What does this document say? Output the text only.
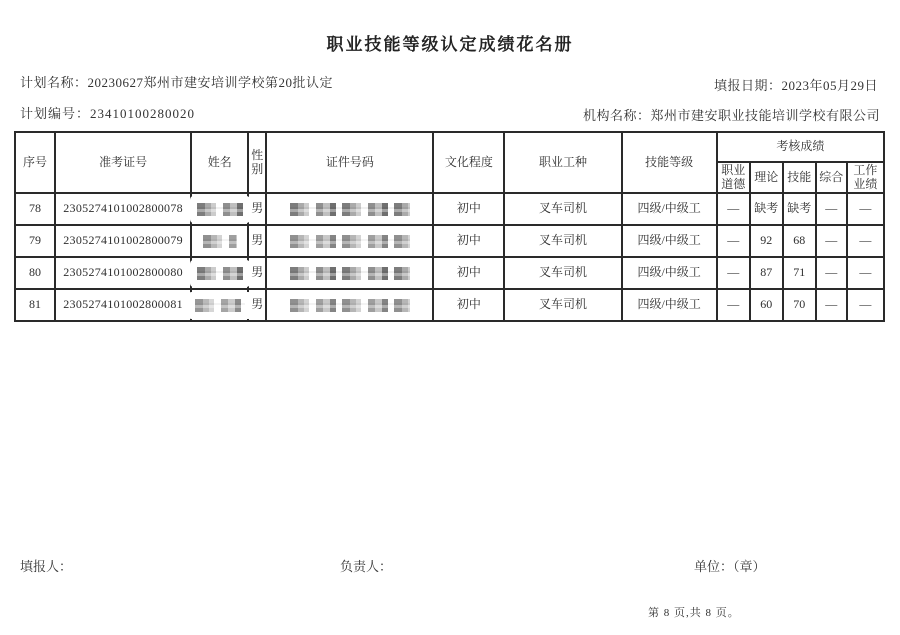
职业技能等级认定成绩花名册
计划名称：20230627郑州市建安培训学校第20批认定	填报日期：2023年05月29日
计划编号：23410100280020	机构名称：郑州市建安职业技能培训学校有限公司
序号	准考证号	姓名	性别	证件号码	文化程度	职业工种	技能等级	考核成绩				
								职业道德	理论	技能	综合	工作业绩
78	2305274101002800078		男		初中	叉车司机	四级/中级工	—	缺考	缺考	—	—
79	2305274101002800079		男		初中	叉车司机	四级/中级工	—	92	68	—	—
80	2305274101002800080		男		初中	叉车司机	四级/中级工	—	87	71	—	—
81	2305274101002800081		男		初中	叉车司机	四级/中级工	—	60	70	—	—
填报人：	负责人：	单位：（章）
第 8 页,共 8 页。
